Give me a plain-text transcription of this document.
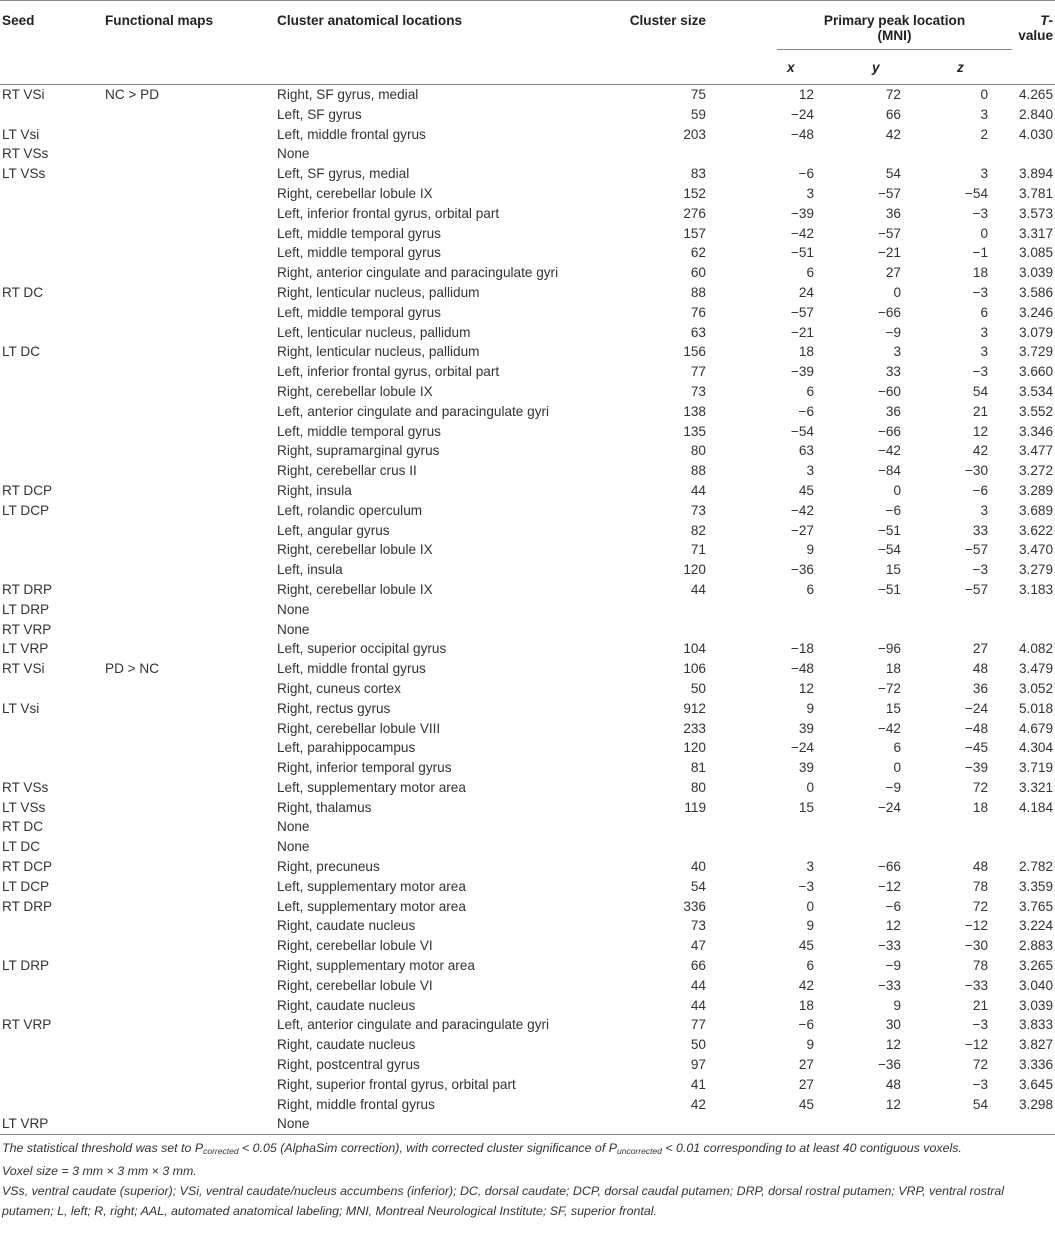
Seed	Functional maps	Cluster anatomical locations	Cluster size	Primary peak location
(MNI)			T-value
				x	y	z	

RT VSi	NC > PD	Right, SF gyrus, medial	75	12	72	0	4.265
		Left, SF gyrus	59	−24	66	3	2.840
LT Vsi		Left, middle frontal gyrus	203	−48	42	2	4.030
RT VSs		None					
LT VSs		Left, SF gyrus, medial	83	−6	54	3	3.894
		Right, cerebellar lobule IX	152	3	−57	−54	3.781
		Left, inferior frontal gyrus, orbital part	276	−39	36	−3	3.573
		Left, middle temporal gyrus	157	−42	−57	0	3.317
		Left, middle temporal gyrus	62	−51	−21	−1	3.085
		Right, anterior cingulate and paracingulate gyri	60	6	27	18	3.039
RT DC		Right, lenticular nucleus, pallidum	88	24	0	−3	3.586
		Left, middle temporal gyrus	76	−57	−66	6	3.246
		Left, lenticular nucleus, pallidum	63	−21	−9	3	3.079
LT DC		Right, lenticular nucleus, pallidum	156	18	3	3	3.729
		Left, inferior frontal gyrus, orbital part	77	−39	33	−3	3.660
		Right, cerebellar lobule IX	73	6	−60	54	3.534
		Left, anterior cingulate and paracingulate gyri	138	−6	36	21	3.552
		Left, middle temporal gyrus	135	−54	−66	12	3.346
		Right, supramarginal gyrus	80	63	−42	42	3.477
		Right, cerebellar crus II	88	3	−84	−30	3.272
RT DCP		Right, insula	44	45	0	−6	3.289
LT DCP		Left, rolandic operculum	73	−42	−6	3	3.689
		Left, angular gyrus	82	−27	−51	33	3.622
		Right, cerebellar lobule IX	71	9	−54	−57	3.470
		Left, insula	120	−36	15	−3	3.279
RT DRP		Right, cerebellar lobule IX	44	6	−51	−57	3.183
LT DRP		None					
RT VRP		None					
LT VRP		Left, superior occipital gyrus	104	−18	−96	27	4.082
RT VSi	PD > NC	Left, middle frontal gyrus	106	−48	18	48	3.479
		Right, cuneus cortex	50	12	−72	36	3.052
LT Vsi		Right, rectus gyrus	912	9	15	−24	5.018
		Right, cerebellar lobule VIII	233	39	−42	−48	4.679
		Left, parahippocampus	120	−24	6	−45	4.304
		Right, inferior temporal gyrus	81	39	0	−39	3.719
RT VSs		Left, supplementary motor area	80	0	−9	72	3.321
LT VSs		Right, thalamus	119	15	−24	18	4.184
RT DC		None					
LT DC		None					
RT DCP		Right, precuneus	40	3	−66	48	2.782
LT DCP		Left, supplementary motor area	54	−3	−12	78	3.359
RT DRP		Left, supplementary motor area	336	0	−6	72	3.765
		Right, caudate nucleus	73	9	12	−12	3.224
		Right, cerebellar lobule VI	47	45	−33	−30	2.883
LT DRP		Right, supplementary motor area	66	6	−9	78	3.265
		Right, cerebellar lobule VI	44	42	−33	−33	3.040
		Right, caudate nucleus	44	18	9	21	3.039
RT VRP		Left, anterior cingulate and paracingulate gyri	77	−6	30	−3	3.833
		Right, caudate nucleus	50	9	12	−12	3.827
		Right, postcentral gyrus	97	27	−36	72	3.336
		Right, superior frontal gyrus, orbital part	41	27	48	−3	3.645
		Right, middle frontal gyrus	42	45	12	54	3.298
LT VRP		None					
The statistical threshold was set to $P_{corrected} < 0.05$ (AlphaSim correction), with corrected cluster significance of $P_{uncorrected} < 0.01$ corresponding to at least 40 contiguous voxels.
Voxel size = 3 mm × 3 mm × 3 mm.
VSs, ventral caudate (superior); VSi, ventral caudate/nucleus accumbens (inferior); DC, dorsal caudate; DCP, dorsal caudal putamen; DRP, dorsal rostral putamen; VRP, ventral rostral putamen; L, left; R, right; AAL, automated anatomical labeling; MNI, Montreal Neurological Institute; SF, superior frontal.
